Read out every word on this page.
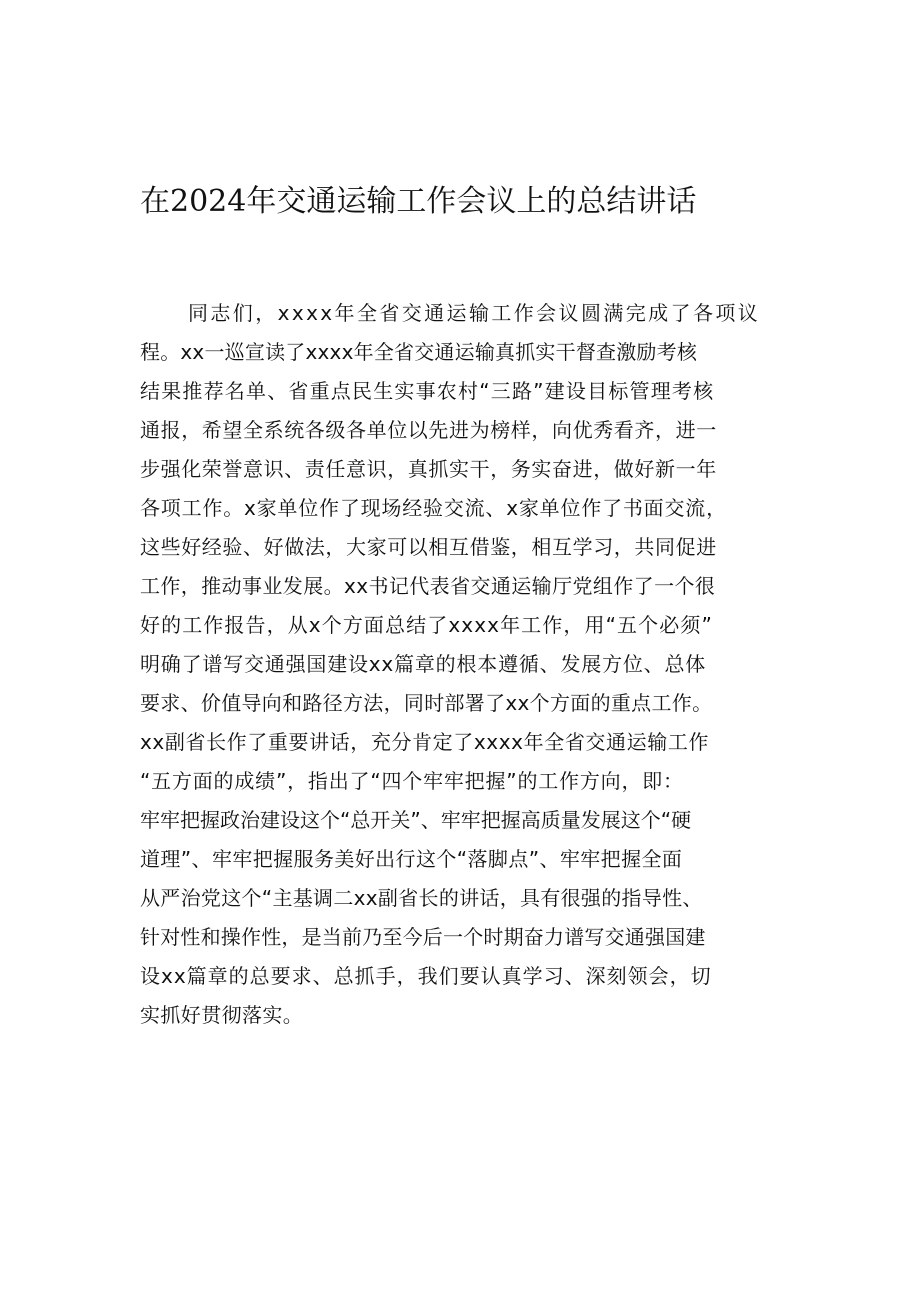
在2024年交通运输工作会议上的总结讲话
同志们，xxxx年全省交通运输工作会议圆满完成了各项议
程。xx一巡宣读了xxxx年全省交通运输真抓实干督查激励考核
结果推荐名单、省重点民生实事农村“三路”建设目标管理考核
通报，希望全系统各级各单位以先进为榜样，向优秀看齐，进一
步强化荣誉意识、责任意识，真抓实干，务实奋进，做好新一年
各项工作。x家单位作了现场经验交流、x家单位作了书面交流，
这些好经验、好做法，大家可以相互借鉴，相互学习，共同促进
工作，推动事业发展。xx书记代表省交通运输厅党组作了一个很
好的工作报告，从x个方面总结了xxxx年工作，用“五个必须”
明确了谱写交通强国建设xx篇章的根本遵循、发展方位、总体
要求、价值导向和路径方法，同时部署了xx个方面的重点工作。
xx副省长作了重要讲话，充分肯定了xxxx年全省交通运输工作
“五方面的成绩”，指出了“四个牢牢把握”的工作方向，即：
牢牢把握政治建设这个“总开关”、牢牢把握高质量发展这个“硬
道理”、牢牢把握服务美好出行这个“落脚点”、牢牢把握全面
从严治党这个“主基调二xx副省长的讲话，具有很强的指导性、
针对性和操作性，是当前乃至今后一个时期奋力谱写交通强国建
设xx篇章的总要求、总抓手，我们要认真学习、深刻领会，切
实抓好贯彻落实。
